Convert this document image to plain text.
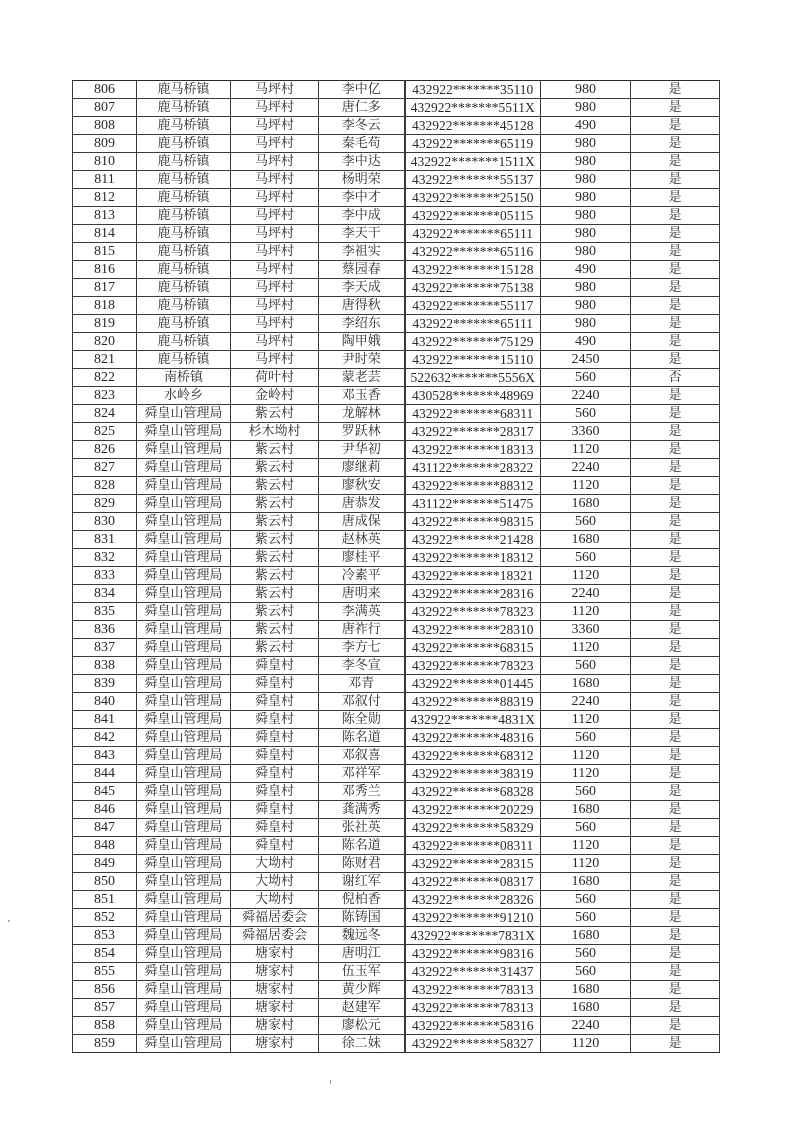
806	鹿马桥镇	马坪村	李中亿	432922*******35110	980	是
807	鹿马桥镇	马坪村	唐仁多	432922*******5511X	980	是
808	鹿马桥镇	马坪村	李冬云	432922*******45128	490	是
809	鹿马桥镇	马坪村	秦毛苟	432922*******65119	980	是
810	鹿马桥镇	马坪村	李中达	432922*******1511X	980	是
811	鹿马桥镇	马坪村	杨明荣	432922*******55137	980	是
812	鹿马桥镇	马坪村	李中才	432922*******25150	980	是
813	鹿马桥镇	马坪村	李中成	432922*******05115	980	是
814	鹿马桥镇	马坪村	李天干	432922*******65111	980	是
815	鹿马桥镇	马坪村	李祖实	432922*******65116	980	是
816	鹿马桥镇	马坪村	蔡园春	432922*******15128	490	是
817	鹿马桥镇	马坪村	李天成	432922*******75138	980	是
818	鹿马桥镇	马坪村	唐得秋	432922*******55117	980	是
819	鹿马桥镇	马坪村	李绍东	432922*******65111	980	是
820	鹿马桥镇	马坪村	陶甲娥	432922*******75129	490	是
821	鹿马桥镇	马坪村	尹时荣	432922*******15110	2450	是
822	南桥镇	荷叶村	蒙老芸	522632*******5556X	560	否
823	水岭乡	金岭村	邓玉香	430528*******48969	2240	是
824	舜皇山管理局	紫云村	龙解林	432922*******68311	560	是
825	舜皇山管理局	杉木坳村	罗跃林	432922*******28317	3360	是
826	舜皇山管理局	紫云村	尹华初	432922*******18313	1120	是
827	舜皇山管理局	紫云村	廖继莉	431122*******28322	2240	是
828	舜皇山管理局	紫云村	廖秋安	432922*******88312	1120	是
829	舜皇山管理局	紫云村	唐恭发	431122*******51475	1680	是
830	舜皇山管理局	紫云村	唐成保	432922*******98315	560	是
831	舜皇山管理局	紫云村	赵林英	432922*******21428	1680	是
832	舜皇山管理局	紫云村	廖桂平	432922*******18312	560	是
833	舜皇山管理局	紫云村	冷素平	432922*******18321	1120	是
834	舜皇山管理局	紫云村	唐明来	432922*******28316	2240	是
835	舜皇山管理局	紫云村	李满英	432922*******78323	1120	是
836	舜皇山管理局	紫云村	唐祚行	432922*******28310	3360	是
837	舜皇山管理局	紫云村	李方七	432922*******68315	1120	是
838	舜皇山管理局	舜皇村	李冬宣	432922*******78323	560	是
839	舜皇山管理局	舜皇村	邓青	432922*******01445	1680	是
840	舜皇山管理局	舜皇村	邓叙付	432922*******88319	2240	是
841	舜皇山管理局	舜皇村	陈全勋	432922*******4831X	1120	是
842	舜皇山管理局	舜皇村	陈名道	432922*******48316	560	是
843	舜皇山管理局	舜皇村	邓叙喜	432922*******68312	1120	是
844	舜皇山管理局	舜皇村	邓祥军	432922*******38319	1120	是
845	舜皇山管理局	舜皇村	邓秀兰	432922*******68328	560	是
846	舜皇山管理局	舜皇村	龚满秀	432922*******20229	1680	是
847	舜皇山管理局	舜皇村	张社英	432922*******58329	560	是
848	舜皇山管理局	舜皇村	陈名道	432922*******08311	1120	是
849	舜皇山管理局	大坳村	陈财君	432922*******28315	1120	是
850	舜皇山管理局	大坳村	谢红军	432922*******08317	1680	是
851	舜皇山管理局	大坳村	倪柏香	432922*******28326	560	是
852	舜皇山管理局	舜福居委会	陈铸国	432922*******91210	560	是
853	舜皇山管理局	舜福居委会	魏远冬	432922*******7831X	1680	是
854	舜皇山管理局	塘家村	唐明江	432922*******98316	560	是
855	舜皇山管理局	塘家村	伍玉军	432922*******31437	560	是
856	舜皇山管理局	塘家村	黄少辉	432922*******78313	1680	是
857	舜皇山管理局	塘家村	赵建军	432922*******78313	1680	是
858	舜皇山管理局	塘家村	廖松元	432922*******58316	2240	是
859	舜皇山管理局	塘家村	徐二妹	432922*******58327	1120	是
